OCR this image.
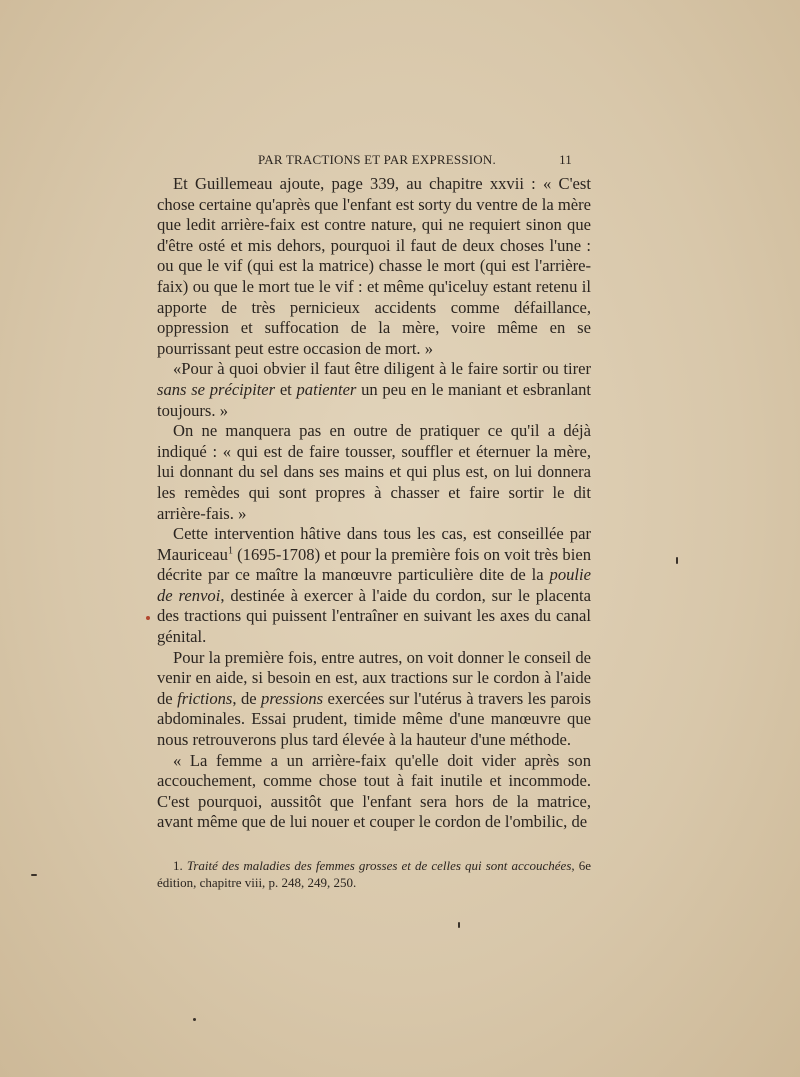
PAR TRACTIONS ET PAR EXPRESSION.	11

Et Guillemeau ajoute, page 339, au chapitre xxvii : « C'est chose certaine qu'après que l'enfant est sorty du ventre de la mère que ledit arrière-faix est contre nature, qui ne requiert sinon que d'être osté et mis dehors, pourquoi il faut de deux choses l'une : ou que le vif (qui est la matrice) chasse le mort (qui est l'arrière-faix) ou que le mort tue le vif : et même qu'iceluy estant retenu il apporte de très pernicieux accidents comme défaillance, oppression et suffocation de la mère, voire même en se pourrissant peut estre occasion de mort. »

«Pour à quoi obvier il faut être diligent à le faire sortir ou tirer sans se précipiter et patienter un peu en le maniant et esbranlant toujours. »

On ne manquera pas en outre de pratiquer ce qu'il a déjà indiqué : « qui est de faire tousser, souffler et éternuer la mère, lui donnant du sel dans ses mains et qui plus est, on lui donnera les remèdes qui sont propres à chasser et faire sortir le dit arrière-fais. »

Cette intervention hâtive dans tous les cas, est conseillée par Mauriceau$^1$ (1695-1708) et pour la première fois on voit très bien décrite par ce maître la manœuvre particulière dite de la poulie de renvoi, destinée à exercer à l'aide du cordon, sur le placenta des tractions qui puissent l'entraîner en suivant les axes du canal génital.

Pour la première fois, entre autres, on voit donner le conseil de venir en aide, si besoin en est, aux tractions sur le cordon à l'aide de frictions, de pressions exercées sur l'utérus à travers les parois abdominales. Essai prudent, timide même d'une manœuvre que nous retrouverons plus tard élevée à la hauteur d'une méthode.

« La femme a un arrière-faix qu'elle doit vider après son accouchement, comme chose tout à fait inutile et incommode. C'est pourquoi, aussitôt que l'enfant sera hors de la matrice, avant même que de lui nouer et couper le cordon de l'ombilic, de

1. Traité des maladies des femmes grosses et de celles qui sont accouchées, 6e édition, chapitre viii, p. 248, 249, 250.
